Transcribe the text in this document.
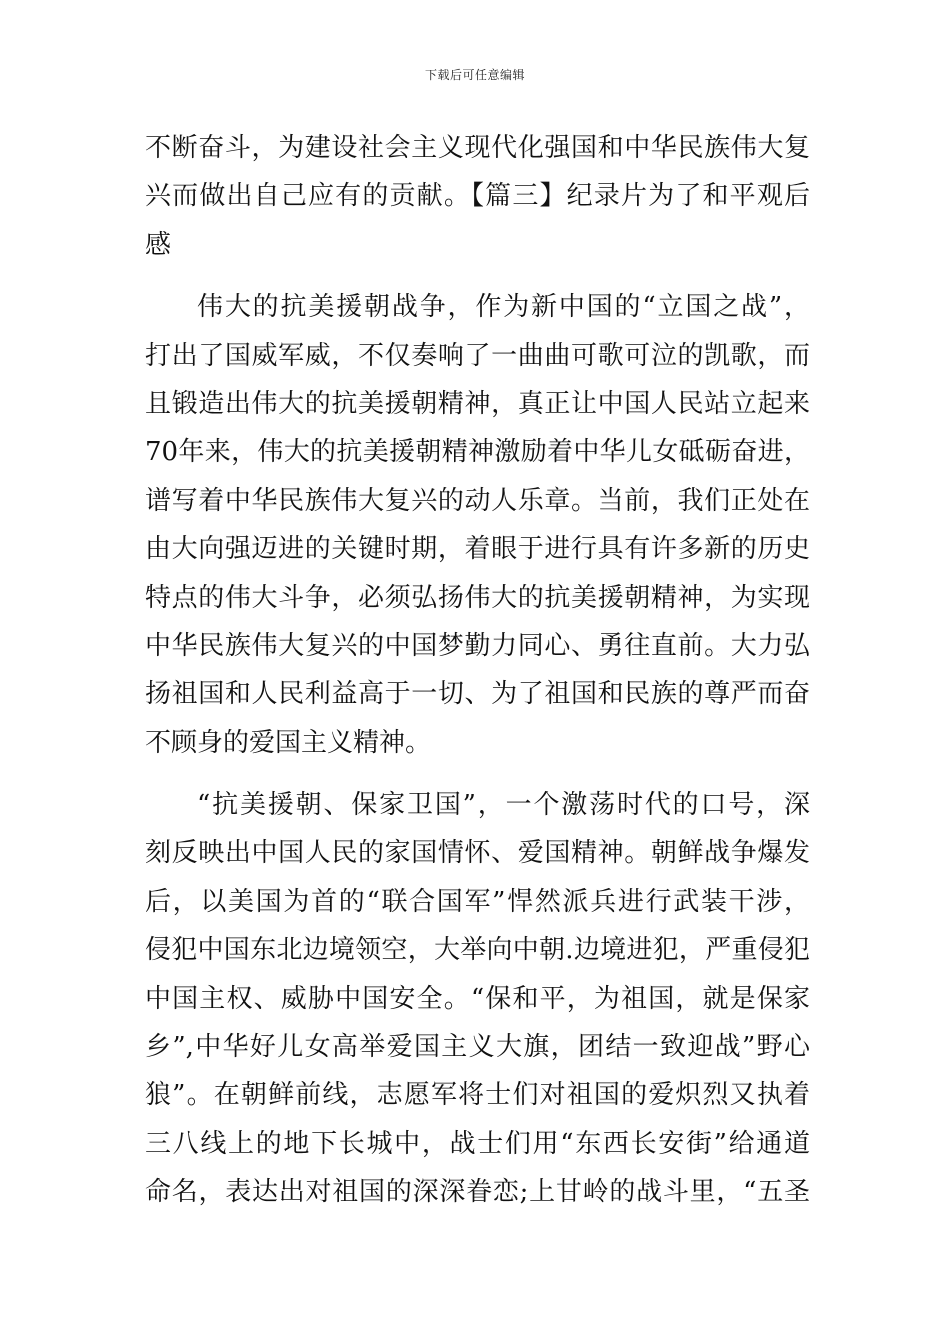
下载后可任意编辑
不断奋斗，为建设社会主义现代化强国和中华民族伟大复
兴而做出自己应有的贡献。【篇三】纪录片为了和平观后
感
伟大的抗美援朝战争，作为新中国的“立国之战”，
打出了国威军威，不仅奏响了一曲曲可歌可泣的凯歌，而
且锻造出伟大的抗美援朝精神，真正让中国人民站立起来
70年来，伟大的抗美援朝精神激励着中华儿女砥砺奋进，
谱写着中华民族伟大复兴的动人乐章。当前，我们正处在
由大向强迈进的关键时期，着眼于进行具有许多新的历史
特点的伟大斗争，必须弘扬伟大的抗美援朝精神，为实现
中华民族伟大复兴的中国梦勤力同心、勇往直前。大力弘
扬祖国和人民利益高于一切、为了祖国和民族的尊严而奋
不顾身的爱国主义精神。
“抗美援朝、保家卫国”，一个激荡时代的口号，深
刻反映出中国人民的家国情怀、爱国精神。朝鲜战争爆发
后，以美国为首的“联合国军”悍然派兵进行武装干涉，
侵犯中国东北边境领空，大举向中朝.边境进犯，严重侵犯
中国主权、威胁中国安全。“保和平，为祖国，就是保家
乡”,中华好儿女高举爱国主义大旗，团结一致迎战”野心
狼”。在朝鲜前线，志愿军将士们对祖国的爱炽烈又执着
三八线上的地下长城中，战士们用“东西长安街”给通道
命名，表达出对祖国的深深眷恋;上甘岭的战斗里，“五圣
